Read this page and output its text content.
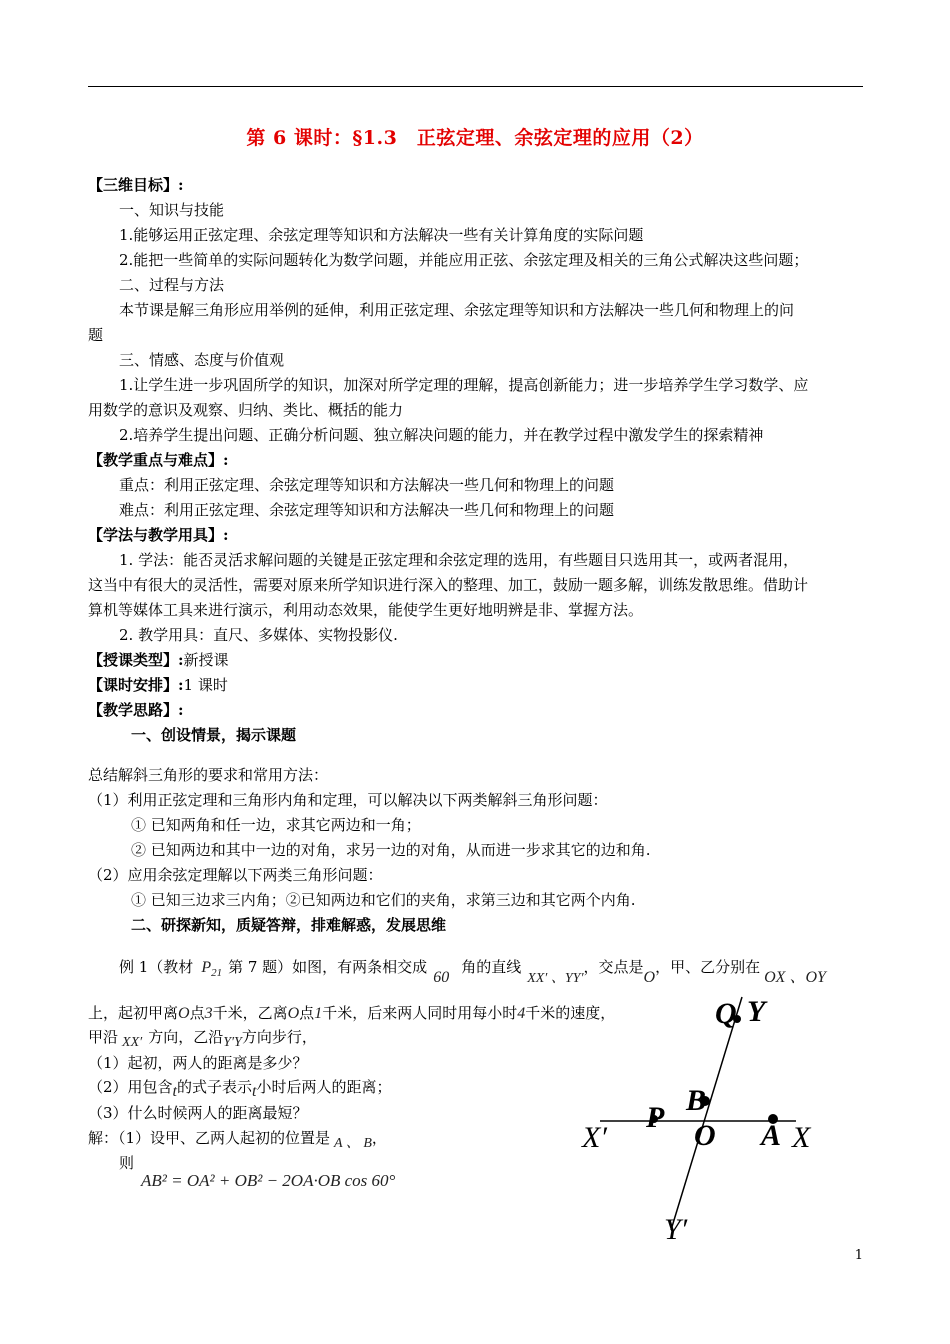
第 6 课时：§1.3　正弦定理、余弦定理的应用（2）
【三维目标】:
一、知识与技能
1.能够运用正弦定理、余弦定理等知识和方法解决一些有关计算角度的实际问题
2.能把一些简单的实际问题转化为数学问题，并能应用正弦、余弦定理及相关的三角公式解决这些问题；
二、过程与方法
本节课是解三角形应用举例的延伸，利用正弦定理、余弦定理等知识和方法解决一些几何和物理上的问
题
三、情感、态度与价值观
1.让学生进一步巩固所学的知识，加深对所学定理的理解，提高创新能力；进一步培养学生学习数学、应
用数学的意识及观察、归纳、类比、概括的能力
2.培养学生提出问题、正确分析问题、独立解决问题的能力，并在教学过程中激发学生的探索精神
【教学重点与难点】:
重点：利用正弦定理、余弦定理等知识和方法解决一些几何和物理上的问题
难点：利用正弦定理、余弦定理等知识和方法解决一些几何和物理上的问题
【学法与教学用具】:
1. 学法：能否灵活求解问题的关键是正弦定理和余弦定理的选用，有些题目只选用其一，或两者混用，
这当中有很大的灵活性，需要对原来所学知识进行深入的整理、加工，鼓励一题多解，训练发散思维。借助计
算机等媒体工具来进行演示，利用动态效果，能使学生更好地明辨是非、掌握方法。
2. 教学用具：直尺、多媒体、实物投影仪.
【授课类型】:新授课
【课时安排】:1 课时
【教学思路】:
一、创设情景，揭示课题
总结解斜三角形的要求和常用方法：
（1）利用正弦定理和三角形内角和定理，可以解决以下两类解斜三角形问题：
① 已知两角和任一边，求其它两边和一角；
② 已知两边和其中一边的对角，求另一边的对角，从而进一步求其它的边和角.
（2）应用余弦定理解以下两类三角形问题：
① 已知三边求三内角；②已知两边和它们的夹角，求第三边和其它两个内角.
二、研探新知，质疑答辩，排难解惑，发展思维
例 1（教材 $P_{21}$ 第 7 题）如图，有两条相交成60角的直线XX′ 、YY′，交点是O，甲、乙分别在OX 、OY
上，起初甲离O点3千米，乙离O点1千米，后来两人同时用每小时4千米的速度，
甲沿 XX′ 方向，乙沿Y′Y方向步行，
（1）起初，两人的距离是多少？
（2）用包含t的式子表示t小时后两人的距离；
（3）什么时候两人的距离最短？
解：（1）设甲、乙两人起初的位置是 A 、 B，
则
AB² = OA² + OB² − 2OA·OB cos 60°
Q Y
B
P
O A
X′	X
Y′
1
